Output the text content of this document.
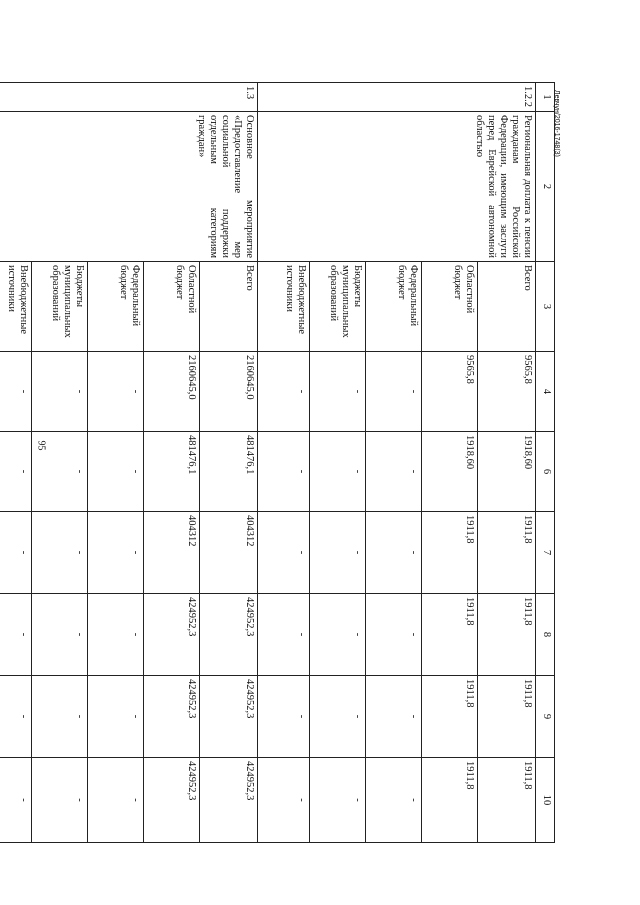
95
Левчун/2016-1748(3)
1	2	3	4	6	7	8	9	10
1.2.2	Региональная доплата к пенсии гражданам Российской Федерации, имеющим заслуги перед Еврейской автономной областью	Всего	9565,8	1918,60	1911,8	1911,8	1911,8	1911,8
		Областной бюджет	9565,8	1918,60	1911,8	1911,8	1911,8	1911,8
		Федеральный бюджет	-	-	-	-	-	-
		Бюджеты муниципальных образований	-	-	-	-	-	-
		Внебюджетные источники	-	-	-	-	-	-
1.3	Основное мероприятие «Предоставление мер социальной поддержки отдельным категориям граждан»	Всего	2160645,0	481476,1	404312	424952,3	424952,3	424952,3
		Областной бюджет	2160645,0	481476,1	404312	424952,3	424952,3	424952,3
		Федеральный бюджет	-	-	-	-	-	-
		Бюджеты муниципальных образований	-	-	-	-	-	-
		Внебюджетные источники	-	-	-	-	-	-
